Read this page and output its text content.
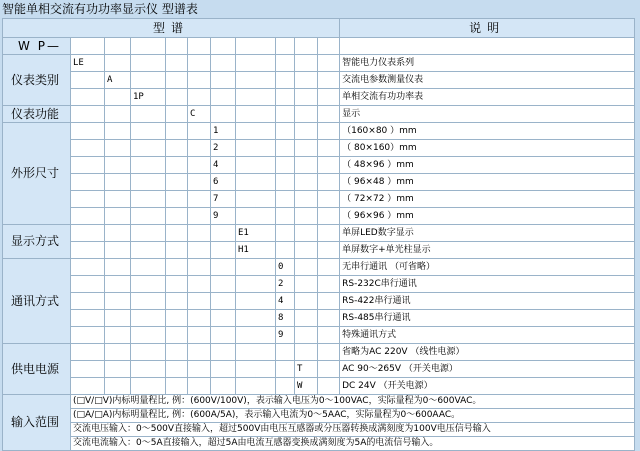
智能单相交流有功功率显示仪 型谱表
型谱											说明
W P—											
仪表类别	LE										智能电力仪表系列
		A									交流电参数测量仪表
			1P								单相交流有功功率表
仪表功能					C						显示
外形尺寸						1					（160×80 ）mm
						2					（ 80×160）mm
						4					（ 48×96 ）mm
						6					（ 96×48 ）mm
						7					（ 72×72 ）mm
						9					（ 96×96 ）mm
显示方式							E1				单屏LED数字显示
							H1				单屏数字+单光柱显示
通讯方式								0			无串行通讯 （可省略）
								2			RS-232C串行通讯
								4			RS-422串行通讯
								8			RS-485串行通讯
								9			特殊通讯方式
供电电源											省略为AC 220V （线性电源）
									T		AC 90～265V （开关电源）
									W		DC 24V （开关电源）
输入范围	(□V/□V)内标明量程比, 例：(600V/100V)，表示输入电压为0～100VAC，实际量程为0～600VAC。										
	(□A/□A)内标明量程比, 例：(600A/5A)，表示输入电流为0～5AAC，实际量程为0～600AAC。										
	交流电压输入：0～500V直接输入，超过500V由电压互感器或分压器转换成满刻度为100V电压信号输入										
	交流电流输入：0～5A直接输入，超过5A由电流互感器变换成满刻度为5A的电流信号输入。										
